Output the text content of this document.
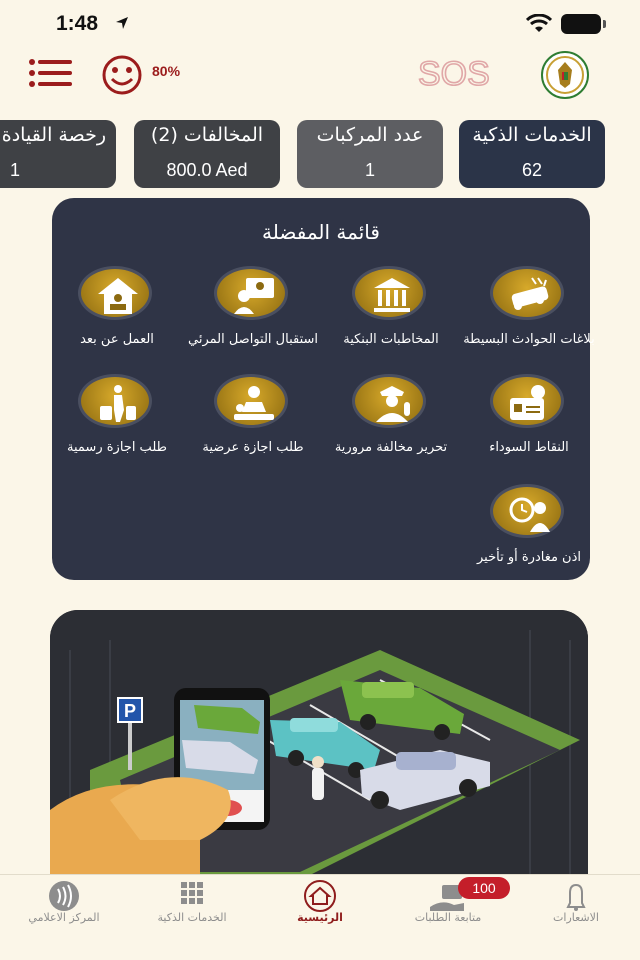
1:48
80%	SOS
الخدمات الذكية
62
عدد المركبات
1
المخالفات (2)
800.0 Aed
رخصة القيادة
1
قائمة المفضلة
بلاغات الحوادث البسيطة
المخاطبات البنكية
استقبال التواصل المرئي
العمل عن بعد
النقاط السوداء
تحرير مخالفة مرورية
طلب اجازة عرضية
طلب اجازة رسمية
اذن مغادرة أو تأخير
P
الاشعارات
متابعة الطلبات
100
الرئيسية
الخدمات الذكية
المركز الاعلامي
